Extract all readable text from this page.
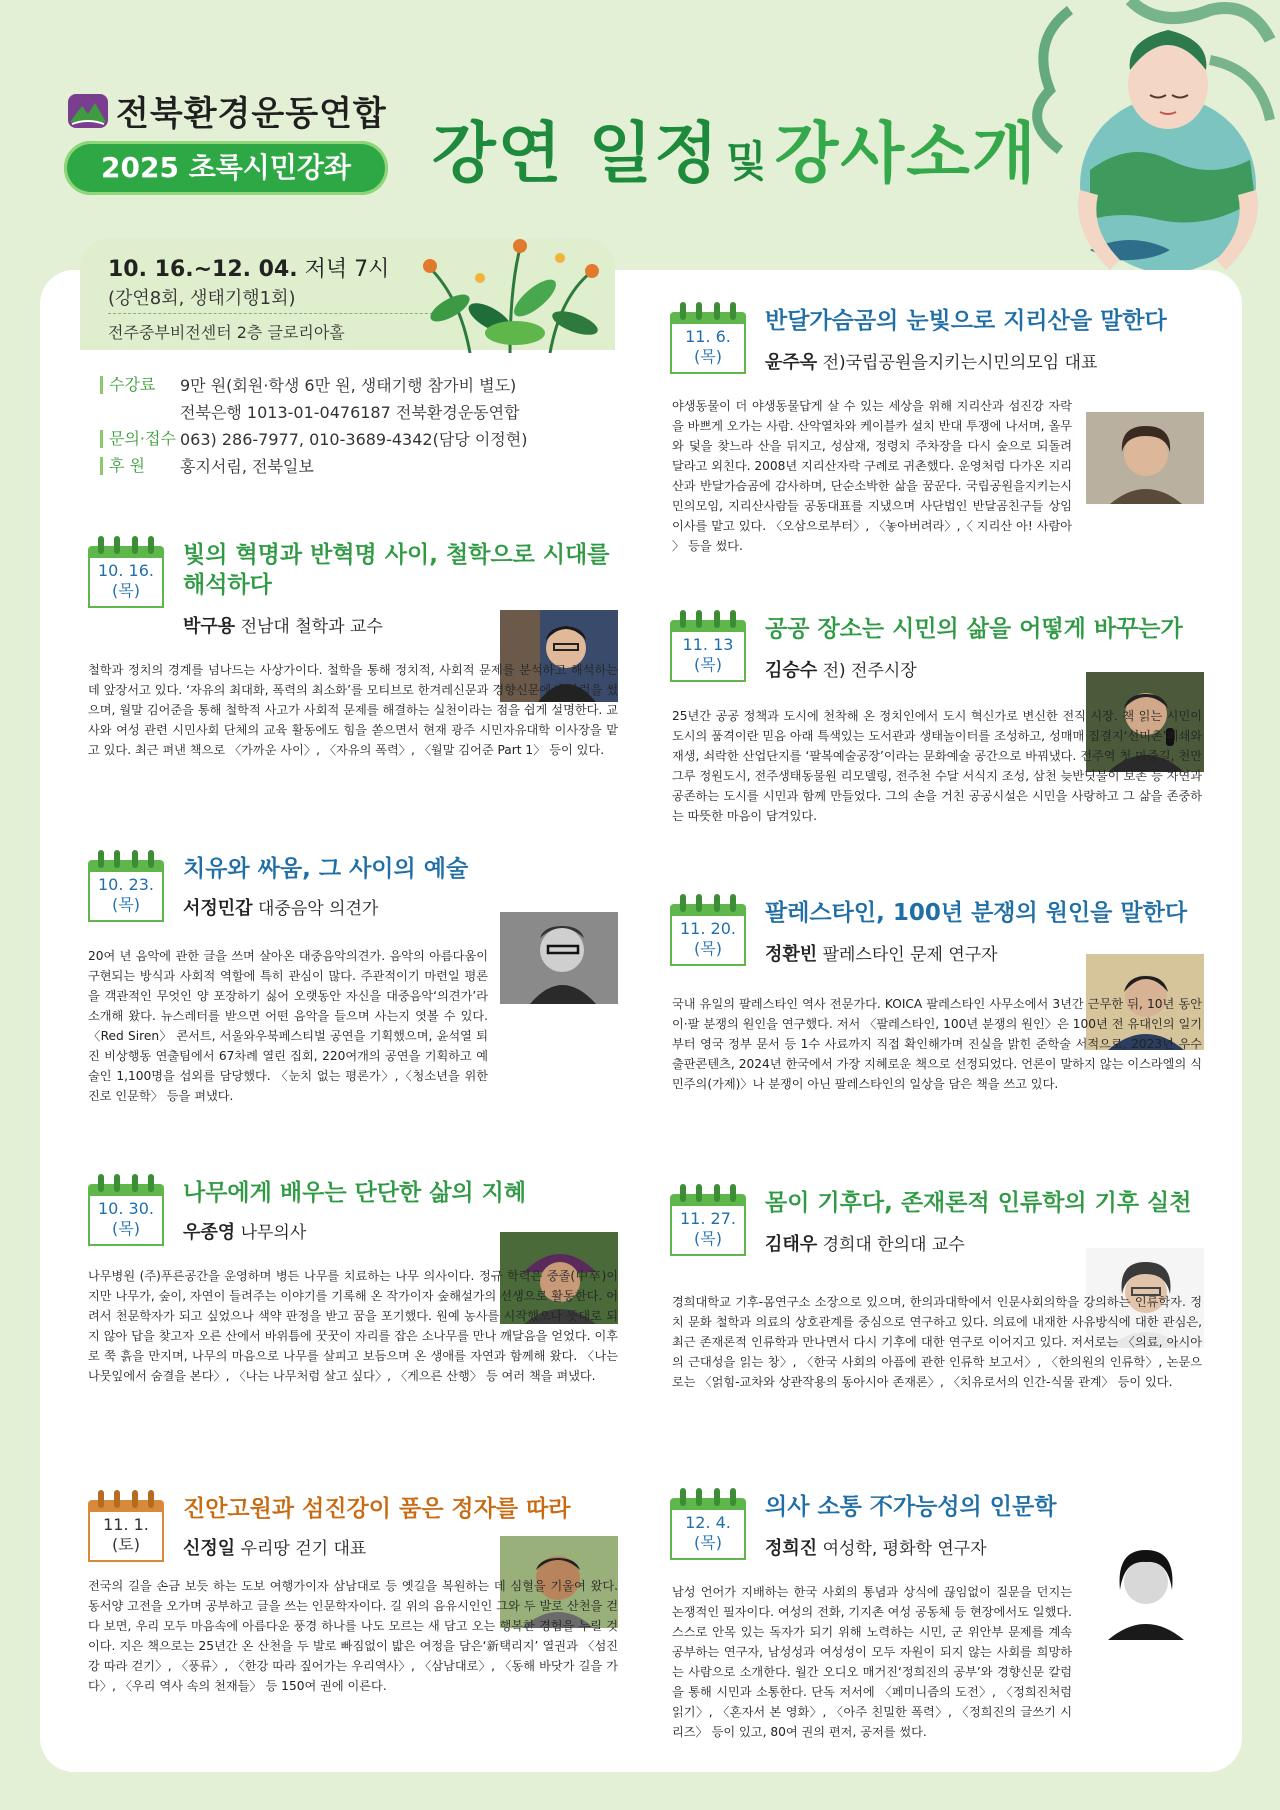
전북환경운동연합
2025 초록시민강좌	강연 일정 및강사소개
10. 16.~12. 04. 저녁 7시
(강연8회, 생태기행1회)
전주중부비전센터 2층 글로리아홀
수강료	9만 원(회원·학생 6만 원, 생태기행 참가비 별도)
전북은행 1013-01-0476187 전북환경운동연합
문의·접수 063) 286-7977, 010-3689-4342(담당 이정현)
후 원	홍지서림, 전북일보
10. 16.
(목)
빛의 혁명과 반혁명 사이, 철학으로 시대를
해석하다
박구용 전남대 철학과 교수
철학과 정치의 경계를 넘나드는 사상가이다. 철학을 통해 정치적, 사회적 문제를 분석하고 해석하는 데 앞장서고 있다. ‘자유의 최대화, 폭력의 최소화’를 모티브로 한겨레신문과 경향신문에서 칼럼을 썼으며, 월말 김어준을 통해 철학적 사고가 사회적 문제를 해결하는 실천이라는 점을 쉽게 설명한다. 교사와 여성 관련 시민사회 단체의 교육 활동에도 힘을 쏟으면서 현재 광주 시민자유대학 이사장을 맡고 있다. 최근 펴낸 책으로 〈가까운 사이〉, 〈자유의 폭력〉, 〈월말 김어준 Part 1〉 등이 있다.
10. 23.
(목)
치유와 싸움, 그 사이의 예술
서정민갑 대중음악 의견가
20여 년 음악에 관한 글을 쓰며 살아온 대중음악의견가. 음악의 아름다움이 구현되는 방식과 사회적 역할에 특히 관심이 많다. 주관적이기 마련일 평론을 객관적인 무엇인 양 포장하기 싫어 오랫동안 자신을 대중음악‘의견가’라 소개해 왔다. 뉴스레터를 받으면 어떤 음악을 들으며 사는지 엿볼 수 있다. 〈Red Siren〉 콘서트, 서울와우북페스티벌 공연을 기획했으며, 윤석열 퇴진 비상행동 연출팀에서 67차례 열린 집회, 220여개의 공연을 기획하고 예술인 1,100명을 섭외를 담당했다. 〈눈치 없는 평론가〉,〈청소년을 위한 진로 인문학〉 등을 펴냈다.
10. 30.
(목)
나무에게 배우는 단단한 삶의 지혜
우종영 나무의사
나무병원 (주)푸른공간을 운영하며 병든 나무를 치료하는 나무 의사이다. 정규 학력은 중졸(中卒)이지만 나무가, 숲이, 자연이 들려주는 이야기를 기록해 온 작가이자 숲해설가의 선생으로 활동한다. 어려서 천문학자가 되고 싶었으나 색약 판정을 받고 꿈을 포기했다. 원예 농사를 시작했으나 뜻대로 되지 않아 답을 찾고자 오른 산에서 바위틈에 꿋꿋이 자리를 잡은 소나무를 만나 깨달음을 얻었다. 이후로 쭉 흙을 만지며, 나무의 마음으로 나무를 살피고 보듬으며 온 생애를 자연과 함께해 왔다. 〈나는 나뭇잎에서 숨결을 본다〉, 〈나는 나무처럼 살고 싶다〉, 〈게으른 산행〉 등 여러 책을 펴냈다.
11. 1.
(토)
진안고원과 섬진강이 품은 정자를 따라
신정일 우리땅 걷기 대표
전국의 길을 손금 보듯 하는 도보 여행가이자 삼남대로 등 옛길을 복원하는 데 심혈을 기울여 왔다. 동서양 고전을 오가며 공부하고 글을 쓰는 인문학자이다. 길 위의 음유시인인 그와 두 발로 산천을 걷다 보면, 우리 모두 마음속에 아름다운 풍경 하나를 나도 모르는 새 담고 오는 행복한 경험을 누릴 것이다. 지은 책으로는 25년간 온 산천을 두 발로 빠짐없이 밟은 여정을 담은‘新택리지’ 열권과 〈섬진강 따라 걷기〉, 〈풍류〉, 〈한강 따라 짚어가는 우리역사〉, 〈삼남대로〉, 〈동해 바닷가 길을 가다〉, 〈우리 역사 속의 천재들〉 등 150여 권에 이른다.
11. 6.
(목)
반달가슴곰의 눈빛으로 지리산을 말한다
윤주옥 전)국립공원을지키는시민의모임 대표
야생동물이 더 야생동물답게 살 수 있는 세상을 위해 지리산과 섬진강 자락을 바쁘게 오가는 사람. 산악열차와 케이블카 설치 반대 투쟁에 나서며, 올무와 덫을 찾느라 산을 뒤지고, 성삼재, 정령치 주차장을 다시 숲으로 되돌려 달라고 외친다. 2008년 지리산자락 구례로 귀촌했다. 운영처럼 다가온 지리산과 반달가슴곰에 감사하며, 단순소박한 삶을 꿈꾼다. 국립공원을지키는시민의모임, 지리산사람들 공동대표를 지냈으며 사단법인 반달곰친구들 상임이사를 맡고 있다. 〈오삼으로부터〉, 〈놓아버려라〉,〈 지리산 아! 사람아 〉 등을 썼다.
11. 13
(목)
공공 장소는 시민의 삶을 어떻게 바꾸는가
김승수 전) 전주시장
25년간 공공 정책과 도시에 천착해 온 정치인에서 도시 혁신가로 변신한 전직 시장. 책 읽는 시민이 도시의 품격이란 믿음 아래 특색있는 도서관과 생태놀이터를 조성하고, 성매매 집결지‘선미촌’폐쇄와 재생, 쇠락한 산업단지를 ‘팔복예술공장’이라는 문화예술 공간으로 바꿔냈다. 전주역 첫 마중길, 천만그루 정원도시, 전주생태동물원 리모델링, 전주천 수달 서식지 조성, 삼천 늦반딧불이 보존 등 자연과 공존하는 도시를 시민과 함께 만들었다. 그의 손을 거친 공공시설은 시민을 사랑하고 그 삶을 존중하는 따뜻한 마음이 담겨있다.
11. 20.
(목)
팔레스타인, 100년 분쟁의 원인을 말한다
정환빈 팔레스타인 문제 연구자
국내 유일의 팔레스타인 역사 전문가다. KOICA 팔레스타인 사무소에서 3년간 근무한 뒤, 10년 동안 이·팔 분쟁의 원인을 연구했다. 저서 〈팔레스타인, 100년 분쟁의 원인〉은 100년 전 유대인의 일기부터 영국 정부 문서 등 1수 사료까지 직접 확인해가며 진실을 밝힌 준학술 서적으로, 2023년 우수출판콘텐츠, 2024년 한국에서 가장 지혜로운 책으로 선정되었다. 언론이 말하지 않는 이스라엘의 식민주의(가제)〉나 분쟁이 아닌 팔레스타인의 일상을 담은 책을 쓰고 있다.
11. 27.
(목)
몸이 기후다, 존재론적 인류학의 기후 실천
김태우 경희대 한의대 교수
경희대학교 기후-몸연구소 소장으로 있으며, 한의과대학에서 인문사회의학을 강의하는 인류학자. 정치 문화 철학과 의료의 상호관계를 중심으로 연구하고 있다. 의료에 내재한 사유방식에 대한 관심은, 최근 존재론적 인류학과 만나면서 다시 기후에 대한 연구로 이어지고 있다. 저서로는 〈의료, 아시아의 근대성을 읽는 창〉, 〈한국 사회의 아픔에 관한 인류학 보고서〉, 〈한의원의 인류학〉, 논문으로는 〈얽힘-교차와 상관작용의 동아시아 존재론〉, 〈치유로서의 인간-식물 관계〉 등이 있다.
12. 4.
(목)
의사 소통 不가능성의 인문학
정희진 여성학, 평화학 연구자
남성 언어가 지배하는 한국 사회의 통념과 상식에 끊임없이 질문을 던지는 논쟁적인 필자이다. 여성의 전화, 기지촌 여성 공동체 등 현장에서도 일했다. 스스로 안목 있는 독자가 되기 위해 노력하는 시민, 군 위안부 문제를 계속 공부하는 연구자, 남성성과 여성성이 모두 자원이 되지 않는 사회를 희망하는 사람으로 소개한다. 월간 오디오 매거진‘정희진의 공부’와 경향신문 칼럼을 통해 시민과 소통한다. 단독 저서에 〈페미니즘의 도전〉, 〈정희진처럼 읽기〉, 〈혼자서 본 영화〉, 〈아주 친밀한 폭력〉, 〈정희진의 글쓰기 시리즈〉 등이 있고, 80여 권의 편저, 공저를 썼다.
